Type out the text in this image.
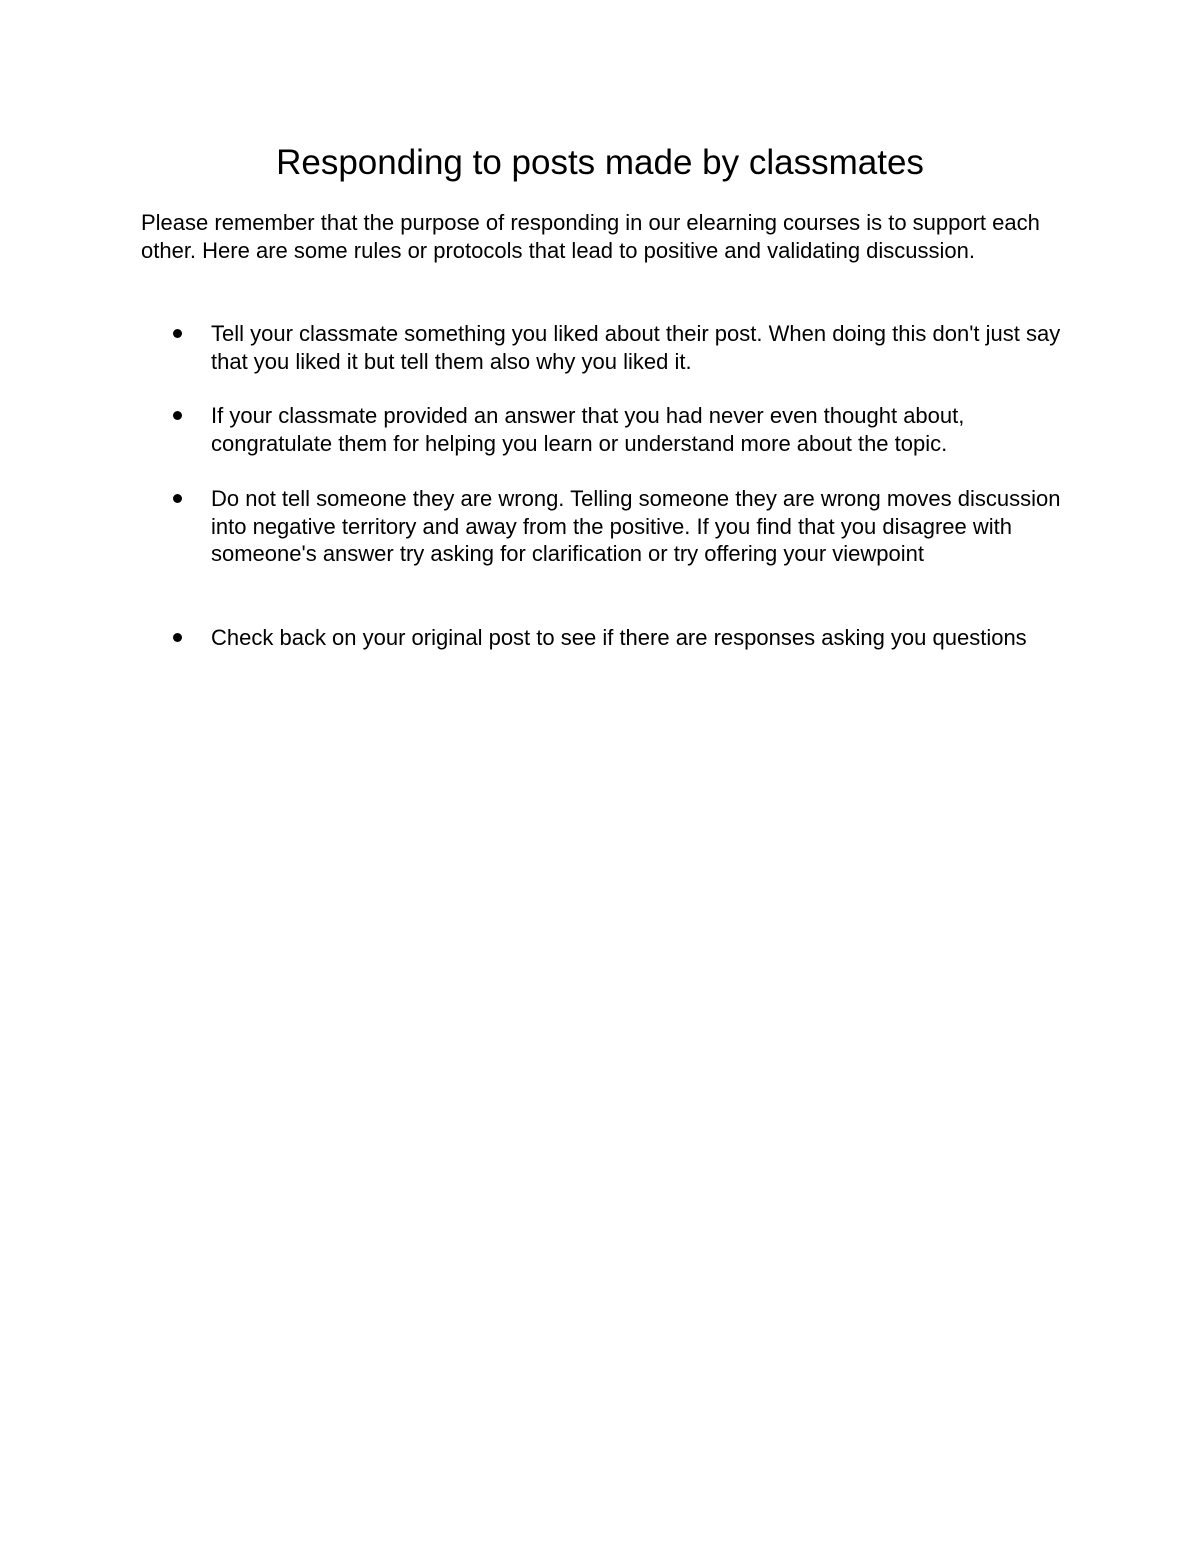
Responding to posts made by classmates

Please remember that the purpose of responding in our elearning courses is to support each other. Here are some rules or protocols that lead to positive and validating discussion.

Tell your classmate something you liked about their post. When doing this don't just say that you liked it but tell them also why you liked it.
If your classmate provided an answer that you had never even thought about, congratulate them for helping you learn or understand more about the topic.
Do not tell someone they are wrong. Telling someone they are wrong moves discussion into negative territory and away from the positive. If you find that you disagree with someone's answer try asking for clarification or try offering your viewpoint
Check back on your original post to see if there are responses asking you questions
